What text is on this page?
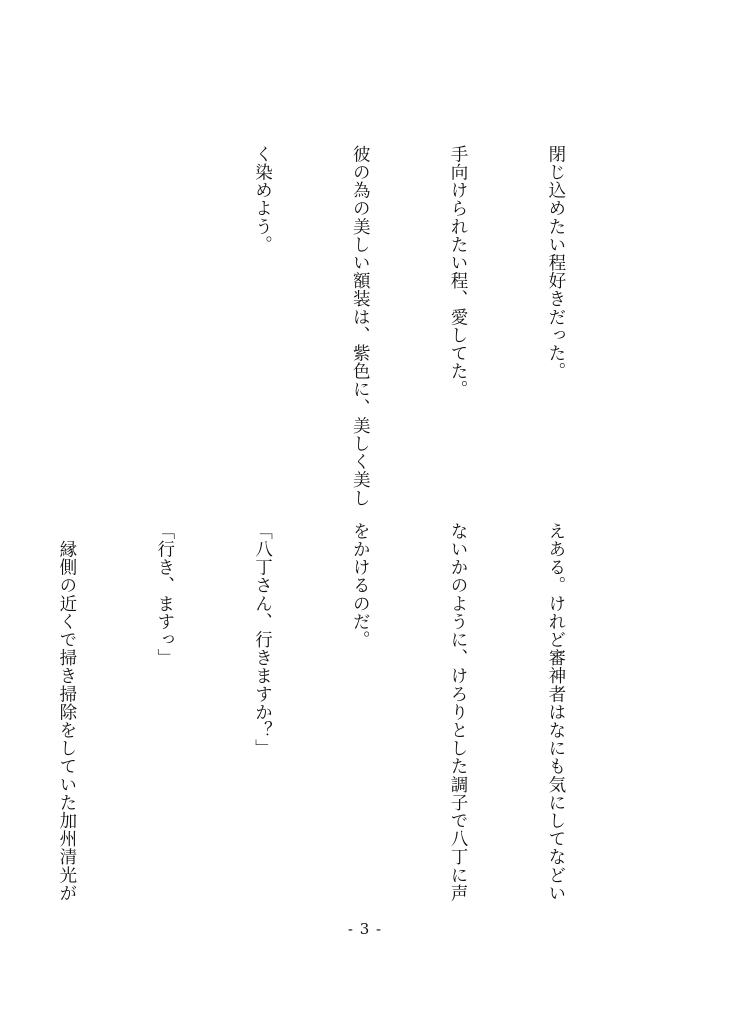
閉じ込めたい程好きだった。

手向けられたい程、愛してた。

彼の為の美しい額装は、紫色に、美しく美し

く染めよう。

えある。けれど審神者はなにも気にしてなどい

ないかのように、けろりとした調子で八丁に声

をかけるのだ。

「八丁さん、行きますか？」

「行き、ますっ」

　縁側の近くで掃き掃除をしていた加州清光が

- 3 -
